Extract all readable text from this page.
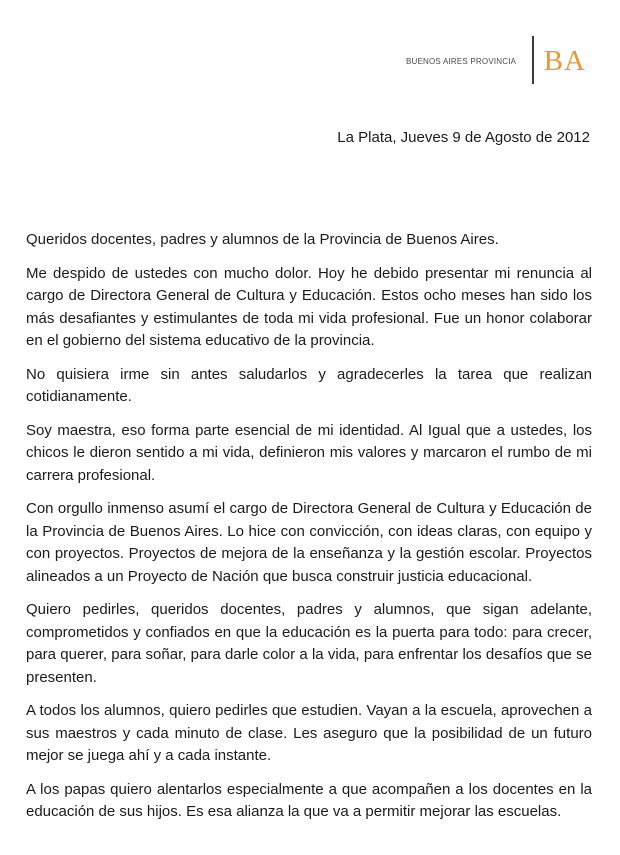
BUENOS AIRES PROVINCIA BA
La Plata, Jueves 9 de Agosto de 2012

Queridos docentes, padres y alumnos de la Provincia de Buenos Aires.

Me despido de ustedes con mucho dolor. Hoy he debido presentar mi renuncia al cargo de Directora General de Cultura y Educación. Estos ocho meses han sido los más desafiantes y estimulantes de toda mi vida profesional. Fue un honor colaborar en el gobierno del sistema educativo de la provincia.

No quisiera irme sin antes saludarlos y agradecerles la tarea que realizan cotidianamente.

Soy maestra, eso forma parte esencial de mi identidad. Al Igual que a ustedes, los chicos le dieron sentido a mi vida, definieron mis valores y marcaron el rumbo de mi carrera profesional.

Con orgullo inmenso asumí el cargo de Directora General de Cultura y Educación de la Provincia de Buenos Aires. Lo hice con convicción, con ideas claras, con equipo y con proyectos. Proyectos de mejora de la enseñanza y la gestión escolar. Proyectos alineados a un Proyecto de Nación que busca construir justicia educacional.

Quiero pedirles, queridos docentes, padres y alumnos, que sigan adelante, comprometidos y confiados en que la educación es la puerta para todo: para crecer, para querer, para soñar, para darle color a la vida, para enfrentar los desafíos que se presenten.

A todos los alumnos, quiero pedirles que estudien. Vayan a la escuela, aprovechen a sus maestros y cada minuto de clase. Les aseguro que la posibilidad de un futuro mejor se juega ahí y a cada instante.

A los papas quiero alentarlos especialmente a que acompañen a los docentes en la educación de sus hijos. Es esa alianza la que va a permitir mejorar las escuelas.
